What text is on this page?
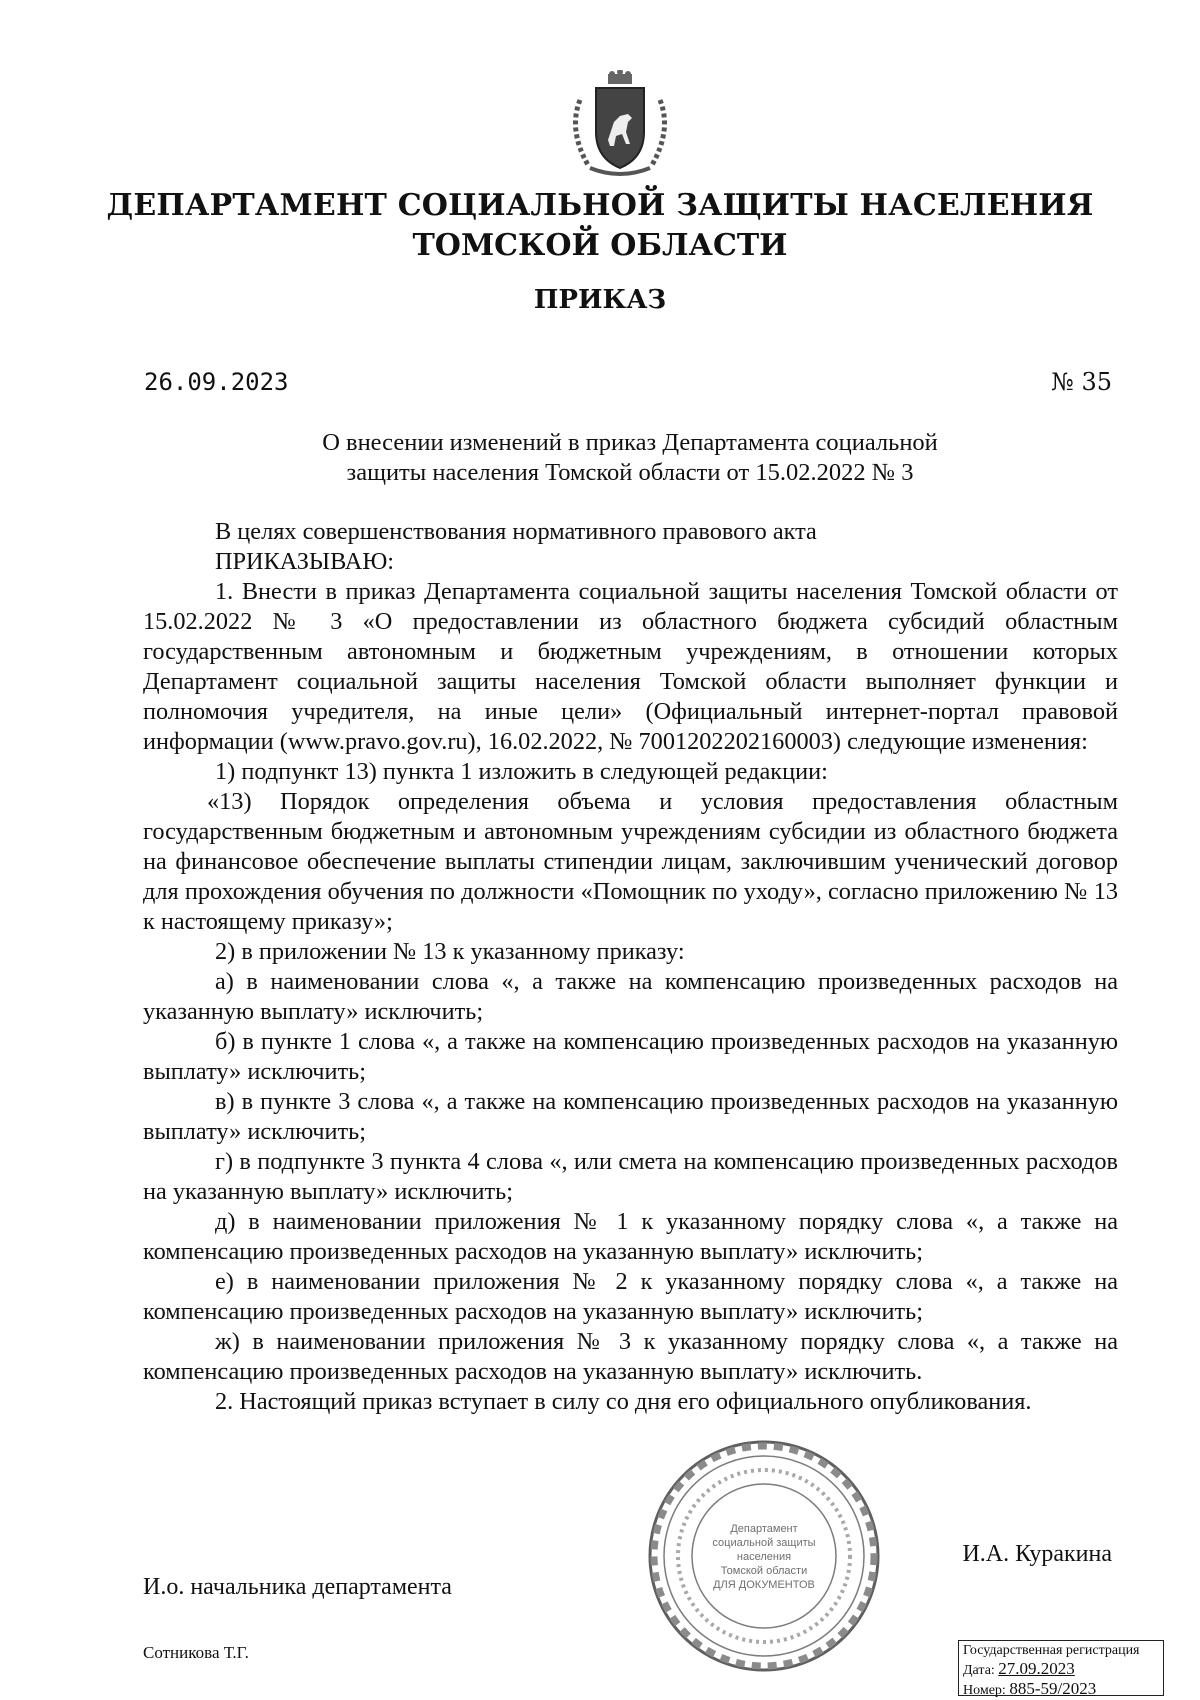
ДЕПАРТАМЕНТ СОЦИАЛЬНОЙ ЗАЩИТЫ НАСЕЛЕНИЯ
ТОМСКОЙ ОБЛАСТИ
ПРИКАЗ
26.09.2023	№ 35
О внесении изменений в приказ Департамента социальной
защиты населения Томской области от 15.02.2022 № 3

В целях совершенствования нормативного правового акта

ПРИКАЗЫВАЮ:

1. Внести в приказ Департамента социальной защиты населения Томской области от 15.02.2022 № 3 «О предоставлении из областного бюджета субсидий областным государственным автономным и бюджетным учреждениям, в отношении которых Департамент социальной защиты населения Томской области выполняет функции и полномочия учредителя, на иные цели» (Официальный интернет-портал правовой информации (www.pravo.gov.ru), 16.02.2022, № 7001202202160003) следующие изменения:

1) подпункт 13) пункта 1 изложить в следующей редакции:

«13) Порядок определения объема и условия предоставления областным государственным бюджетным и автономным учреждениям субсидии из областного бюджета на финансовое обеспечение выплаты стипендии лицам, заключившим ученический договор для прохождения обучения по должности «Помощник по уходу», согласно приложению № 13 к настоящему приказу»;

2) в приложении № 13 к указанному приказу:

а) в наименовании слова «, а также на компенсацию произведенных расходов на указанную выплату» исключить;

б) в пункте 1 слова «, а также на компенсацию произведенных расходов на указанную выплату» исключить;

в) в пункте 3 слова «, а также на компенсацию произведенных расходов на указанную выплату» исключить;

г) в подпункте 3 пункта 4 слова «, или смета на компенсацию произведенных расходов на указанную выплату» исключить;

д) в наименовании приложения № 1 к указанному порядку слова «, а также на компенсацию произведенных расходов на указанную выплату» исключить;

е) в наименовании приложения № 2 к указанному порядку слова «, а также на компенсацию произведенных расходов на указанную выплату» исключить;

ж) в наименовании приложения № 3 к указанному порядку слова «, а также на компенсацию произведенных расходов на указанную выплату» исключить.

2. Настоящий приказ вступает в силу со дня его официального опубликования.

И.о. начальника департамента
И.А. Куракина
Сотникова Т.Г.
Департамент
социальной защиты
населения
Томской области
ДЛЯ ДОКУМЕНТОВ
Государственная регистрация
Дата: 27.09.2023
Номер: 885-59/2023
